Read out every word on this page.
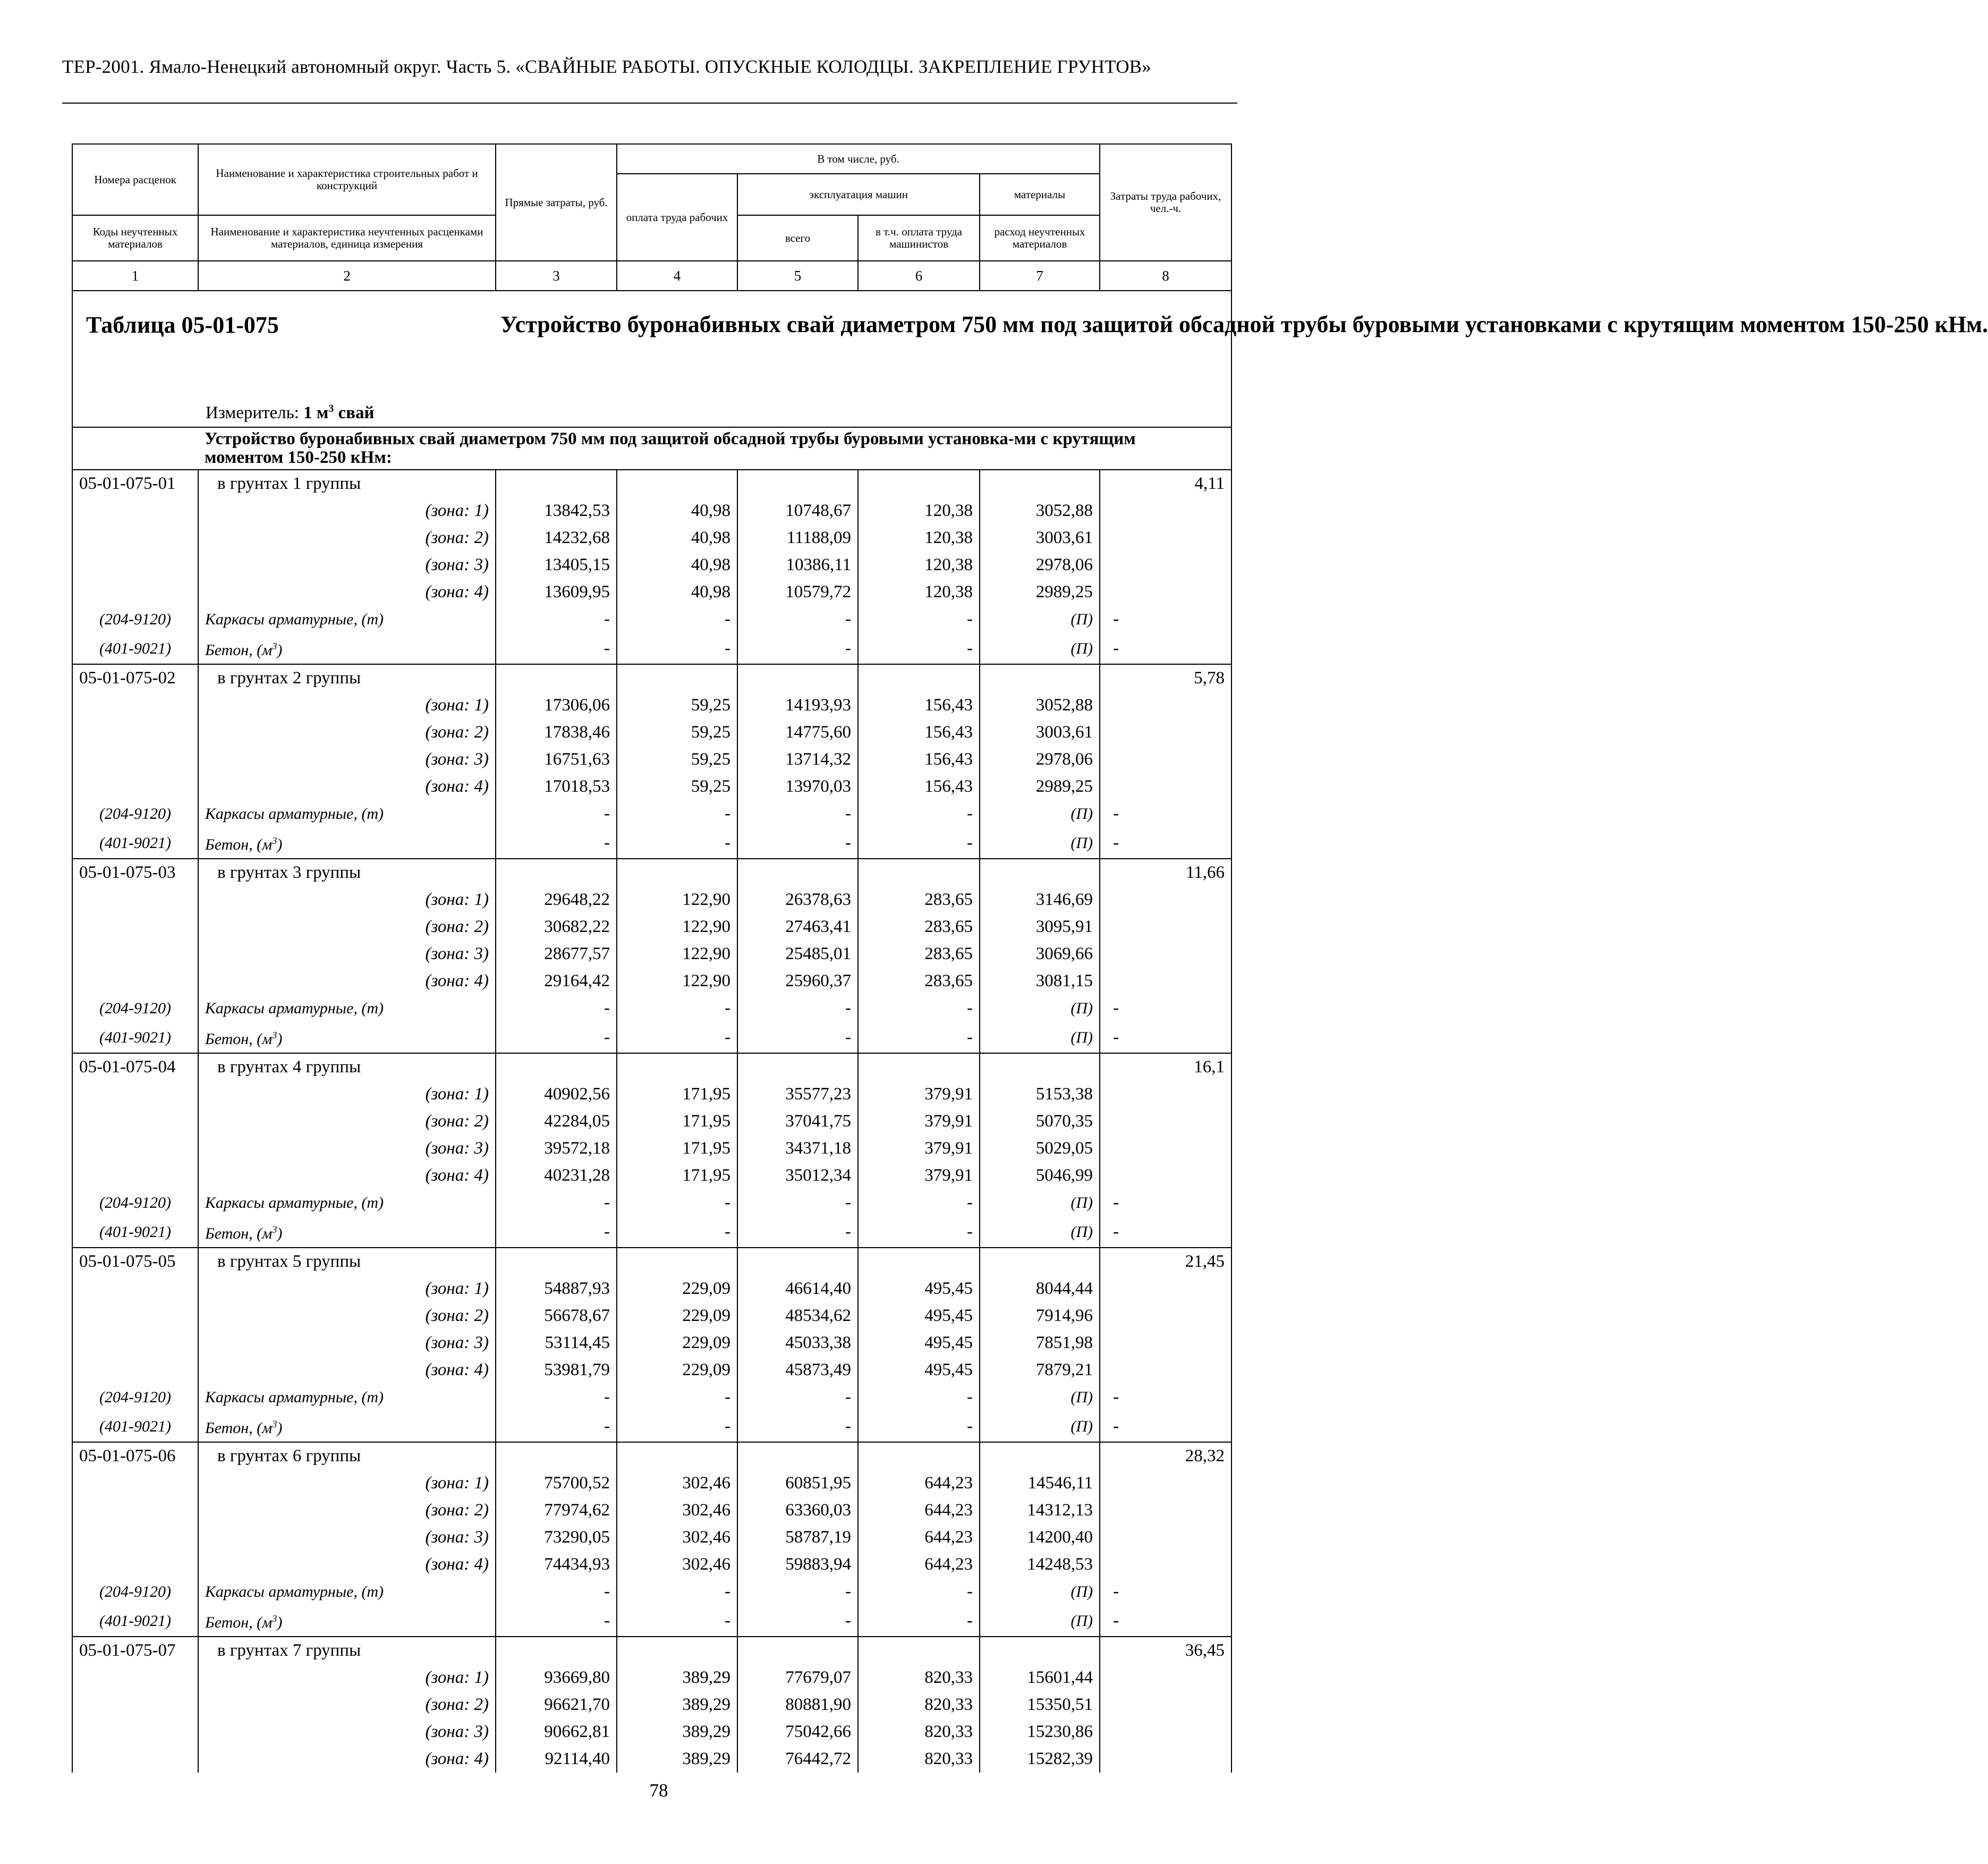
ТЕР-2001. Ямало-Ненецкий автономный округ. Часть 5. «СВАЙНЫЕ РАБОТЫ. ОПУСКНЫЕ КОЛОДЦЫ. ЗАКРЕПЛЕНИЕ ГРУНТОВ»
Номера расценок	Наименование и характеристика строительных работ и конструкций	Прямые затраты, руб.	В том числе, руб.				Затраты труда рабочих, чел.-ч.
			оплата труда рабочих	эксплуатация машин		материалы	
Коды неучтенных материалов	Наименование и характеристика неучтенных расценками материалов, единица измерения			всего	в т.ч. оплата труда машинистов	расход неучтенных материалов	
1	2	3	4	5	6	7	8

Таблица 05-01-075 Устройство буронабивных свай диаметром 750 мм под защитой обсадной трубы буровыми установками с крутящим моментом 150-250 кНм.
Измеритель: 1 $м^3$ свай							

Устройство буронабивных свай диаметром 750 мм под защитой обсадной трубы буровыми установка-ми с крутящим моментом 150-250 кНм:							
05-01-075-01	в грунтах 1 группы						4,11
	(зона: 1)	13842,53	40,98	10748,67	120,38	3052,88	
	(зона: 2)	14232,68	40,98	11188,09	120,38	3003,61	
	(зона: 3)	13405,15	40,98	10386,11	120,38	2978,06	
	(зона: 4)	13609,95	40,98	10579,72	120,38	2989,25	
(204-9120)	Каркасы арматурные, (т)	-	-	-	-	(П)	-
(401-9021)	Бетон, $(м^3)$	-	-	-	-	(П)	-
05-01-075-02	в грунтах 2 группы						5,78
	(зона: 1)	17306,06	59,25	14193,93	156,43	3052,88	
	(зона: 2)	17838,46	59,25	14775,60	156,43	3003,61	
	(зона: 3)	16751,63	59,25	13714,32	156,43	2978,06	
	(зона: 4)	17018,53	59,25	13970,03	156,43	2989,25	
(204-9120)	Каркасы арматурные, (т)	-	-	-	-	(П)	-
(401-9021)	Бетон, $(м^3)$	-	-	-	-	(П)	-
05-01-075-03	в грунтах 3 группы						11,66
	(зона: 1)	29648,22	122,90	26378,63	283,65	3146,69	
	(зона: 2)	30682,22	122,90	27463,41	283,65	3095,91	
	(зона: 3)	28677,57	122,90	25485,01	283,65	3069,66	
	(зона: 4)	29164,42	122,90	25960,37	283,65	3081,15	
(204-9120)	Каркасы арматурные, (т)	-	-	-	-	(П)	-
(401-9021)	Бетон, $(м^3)$	-	-	-	-	(П)	-
05-01-075-04	в грунтах 4 группы						16,1
	(зона: 1)	40902,56	171,95	35577,23	379,91	5153,38	
	(зона: 2)	42284,05	171,95	37041,75	379,91	5070,35	
	(зона: 3)	39572,18	171,95	34371,18	379,91	5029,05	
	(зона: 4)	40231,28	171,95	35012,34	379,91	5046,99	
(204-9120)	Каркасы арматурные, (т)	-	-	-	-	(П)	-
(401-9021)	Бетон, $(м^3)$	-	-	-	-	(П)	-
05-01-075-05	в грунтах 5 группы						21,45
	(зона: 1)	54887,93	229,09	46614,40	495,45	8044,44	
	(зона: 2)	56678,67	229,09	48534,62	495,45	7914,96	
	(зона: 3)	53114,45	229,09	45033,38	495,45	7851,98	
	(зона: 4)	53981,79	229,09	45873,49	495,45	7879,21	
(204-9120)	Каркасы арматурные, (т)	-	-	-	-	(П)	-
(401-9021)	Бетон, $(м^3)$	-	-	-	-	(П)	-
05-01-075-06	в грунтах 6 группы						28,32
	(зона: 1)	75700,52	302,46	60851,95	644,23	14546,11	
	(зона: 2)	77974,62	302,46	63360,03	644,23	14312,13	
	(зона: 3)	73290,05	302,46	58787,19	644,23	14200,40	
	(зона: 4)	74434,93	302,46	59883,94	644,23	14248,53	
(204-9120)	Каркасы арматурные, (т)	-	-	-	-	(П)	-
(401-9021)	Бетон, $(м^3)$	-	-	-	-	(П)	-
05-01-075-07	в грунтах 7 группы						36,45
	(зона: 1)	93669,80	389,29	77679,07	820,33	15601,44	
	(зона: 2)	96621,70	389,29	80881,90	820,33	15350,51	
	(зона: 3)	90662,81	389,29	75042,66	820,33	15230,86	
	(зона: 4)	92114,40	389,29	76442,72	820,33	15282,39	
78
